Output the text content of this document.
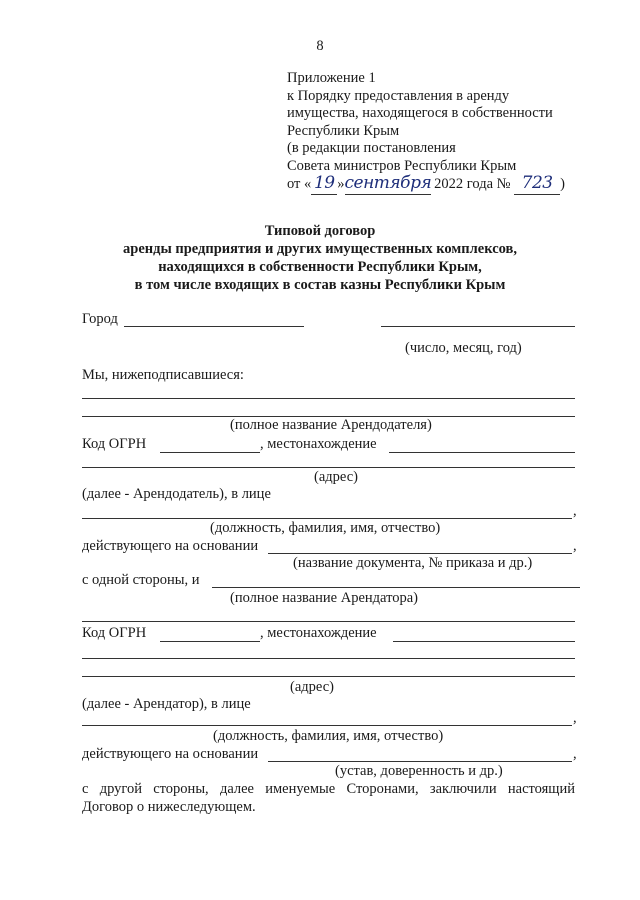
8
Приложение 1
к Порядку предоставления в аренду
имущества, находящегося в собственности
Республики Крым
(в редакции постановления
Совета министров Республики Крым
от « 19 »сентября 2022 года № 723 )
Типовой договор
аренды предприятия и других имущественных комплексов,
находящихся в собственности Республики Крым,
в том числе входящих в состав казны Республики Крым
Город
(число, месяц, год)
Мы, нижеподписавшиеся:
(полное название Арендодателя)
Код ОГРН	, местонахождение
(адрес)
(далее - Арендодатель), в лице
,
(должность, фамилия, имя, отчество)
действующего на основании	,
(название документа, № приказа и др.)
с одной стороны, и
(полное название Арендатора)
Код ОГРН	, местонахождение
(адрес)
(далее - Арендатор), в лице
,
(должность, фамилия, имя, отчество)
действующего на основании	,
(устав, доверенность и др.)
с другой стороны, далее именуемые Сторонами, заключили настоящий Договор о нижеследующем.
